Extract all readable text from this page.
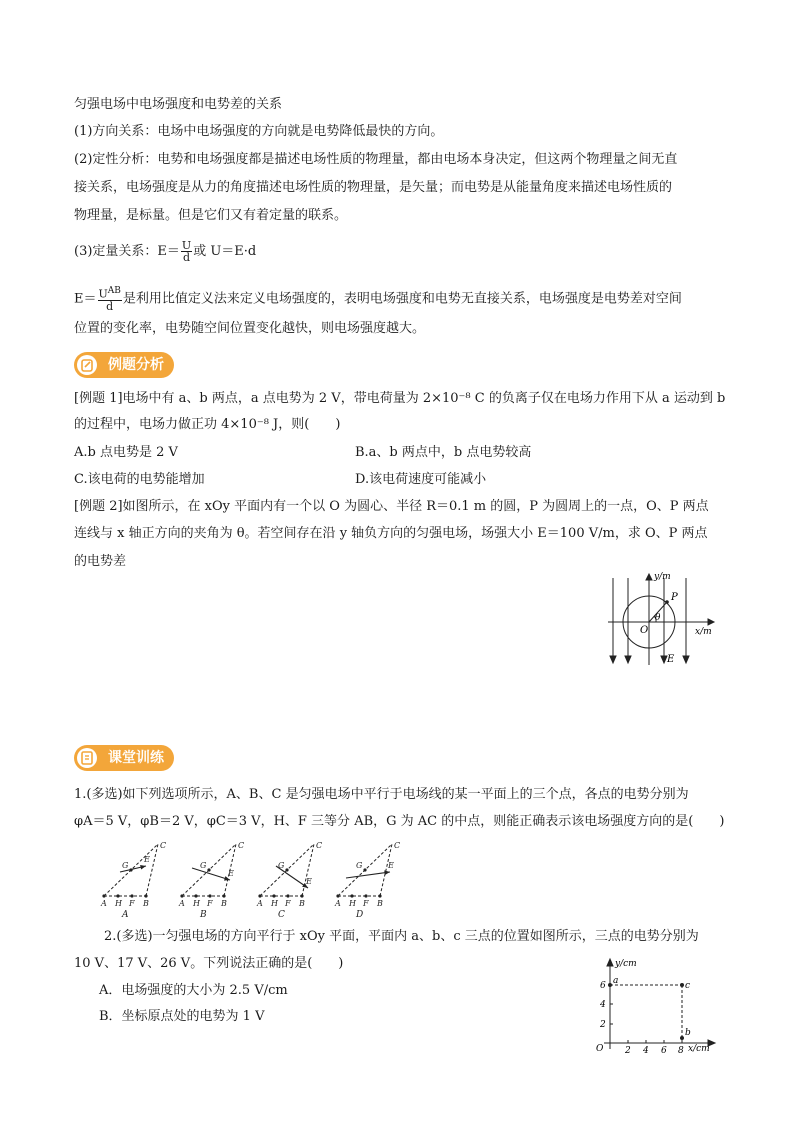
匀强电场中电场强度和电势差的关系
(1)方向关系：电场中电场强度的方向就是电势降低最快的方向。
(2)定性分析：电势和电场强度都是描述电场性质的物理量，都由电场本身决定，但这两个物理量之间无直
接关系，电场强度是从力的角度描述电场性质的物理量，是矢量；而电势是从能量角度来描述电场性质的
物理量，是标量。但是它们又有着定量的联系。
(3)定量关系：$E= \frac{U}{d}$ 或 U＝E·d
$E= \frac{U^{AB}}{d}$ 是利用比值定义法来定义电场强度的，表明电场强度和电势无直接关系，电场强度是电势差对空间
位置的变化率，电势随空间位置变化越快，则电场强度越大。
例题分析
[例题 1]电场中有 a、b 两点，a 点电势为 2 V，带电荷量为 2×10⁻⁸ C 的负离子仅在电场力作用下从 a 运动到 b
的过程中，电场力做正功 4×10⁻⁸ J，则(　　)
A.b 点电势是 2 V	B.a、b 两点中，b 点电势较高
C.该电荷的电势能增加	D.该电荷速度可能减小
[例题 2]如图所示，在 xOy 平面内有一个以 O 为圆心、半径 R＝0.1 m 的圆，P 为圆周上的一点，O、P 两点
连线与 x 轴正方向的夹角为 θ。若空间存在沿 y 轴负方向的匀强电场，场强大小 E＝100 V/m，求 O、P 两点
的电势差
y/m
x/m
P
O
θ
E
课堂训练
1.(多选)如下列选项所示，A、B、C 是匀强电场中平行于电场线的某一平面上的三个点，各点的电势分别为
φA＝5 V，φB＝2 V，φC＝3 V，H、F 三等分 AB，G 为 AC 的中点，则能正确表示该电场强度方向的是(　　)
C
G
E
A H F B
A
C
G
E
A H F B
B
C
G
E
A H F B
C
C
G	E
A H F B
D
2.(多选)一匀强电场的方向平行于 xOy 平面，平面内 a、b、c 三点的位置如图所示，三点的电势分别为
10 V、17 V、26 V。下列说法正确的是(　　)
A．电场强度的大小为 2.5 V/cm
B．坐标原点处的电势为 1 V
y/cm
x/cm
O
6
4
2
2 4 6 8
a	c
b
